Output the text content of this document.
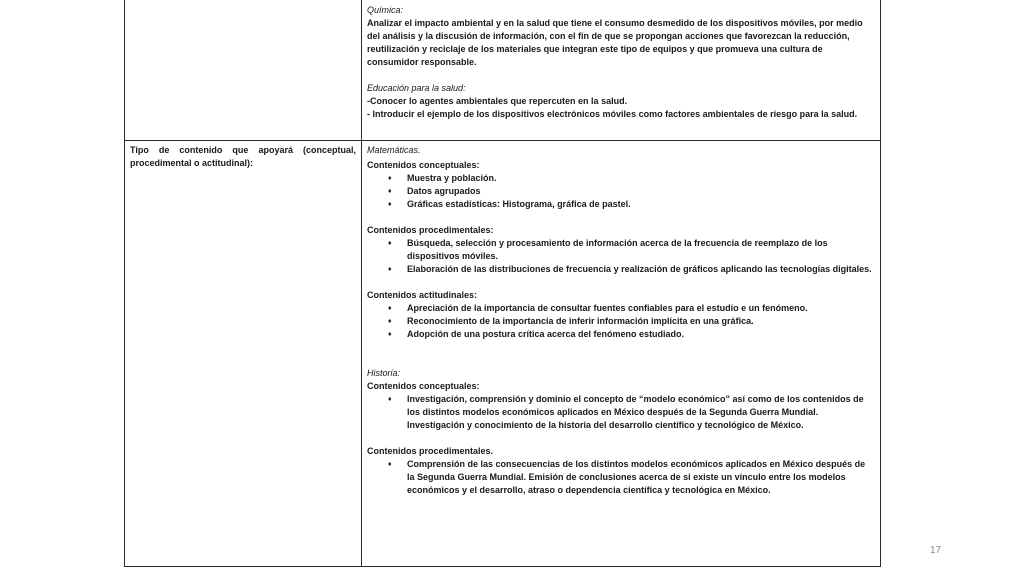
Química:

Analizar el impacto ambiental y en la salud que tiene el consumo desmedido de los dispositivos móviles, por medio del análisis y la discusión de información, con el fin de que se propongan acciones que favorezcan la reducción, reutilización y reciclaje de los materiales que integran este tipo de equipos y que promueva una cultura de consumidor responsable.

Educación para la salud:

-Conocer lo agentes ambientales que repercuten en la salud.

- Introducir el ejemplo de los dispositivos electrónicos móviles como factores ambientales de riesgo para la salud.

Tipo de contenido que apoyará (conceptual, procedimental o actitudinal):

Matemáticas.

Contenidos conceptuales:

♦ Muestra y población.
♦ Datos agrupados
♦ Gráficas estadísticas: Histograma, gráfica de pastel.

Contenidos procedimentales:

♦ Búsqueda, selección y procesamiento de información acerca de la frecuencia de reemplazo de los dispositivos móviles.
♦ Elaboración de las distribuciones de frecuencia y realización de gráficos aplicando las tecnologías digitales.

Contenidos actitudinales:

♦ Apreciación de la importancia de consultar fuentes confiables para el estudio e un fenómeno.
♦ Reconocimiento de la importancia de inferir información implícita en una gráfica.
♦ Adopción de una postura crítica acerca del fenómeno estudiado.

Historia:

Contenidos conceptuales:

♦ Investigación, comprensión y dominio el concepto de “modelo económico” así como de los contenidos de los distintos modelos económicos aplicados en México después de la Segunda Guerra Mundial. Investigación y conocimiento de la historia del desarrollo científico y tecnológico de México.

Contenidos procedimentales.

♦ Comprensión de las consecuencias de los distintos modelos económicos aplicados en México después de la Segunda Guerra Mundial. Emisión de conclusiones acerca de si existe un vínculo entre los modelos económicos y el desarrollo, atraso o dependencia científica y tecnológica en México.
17
